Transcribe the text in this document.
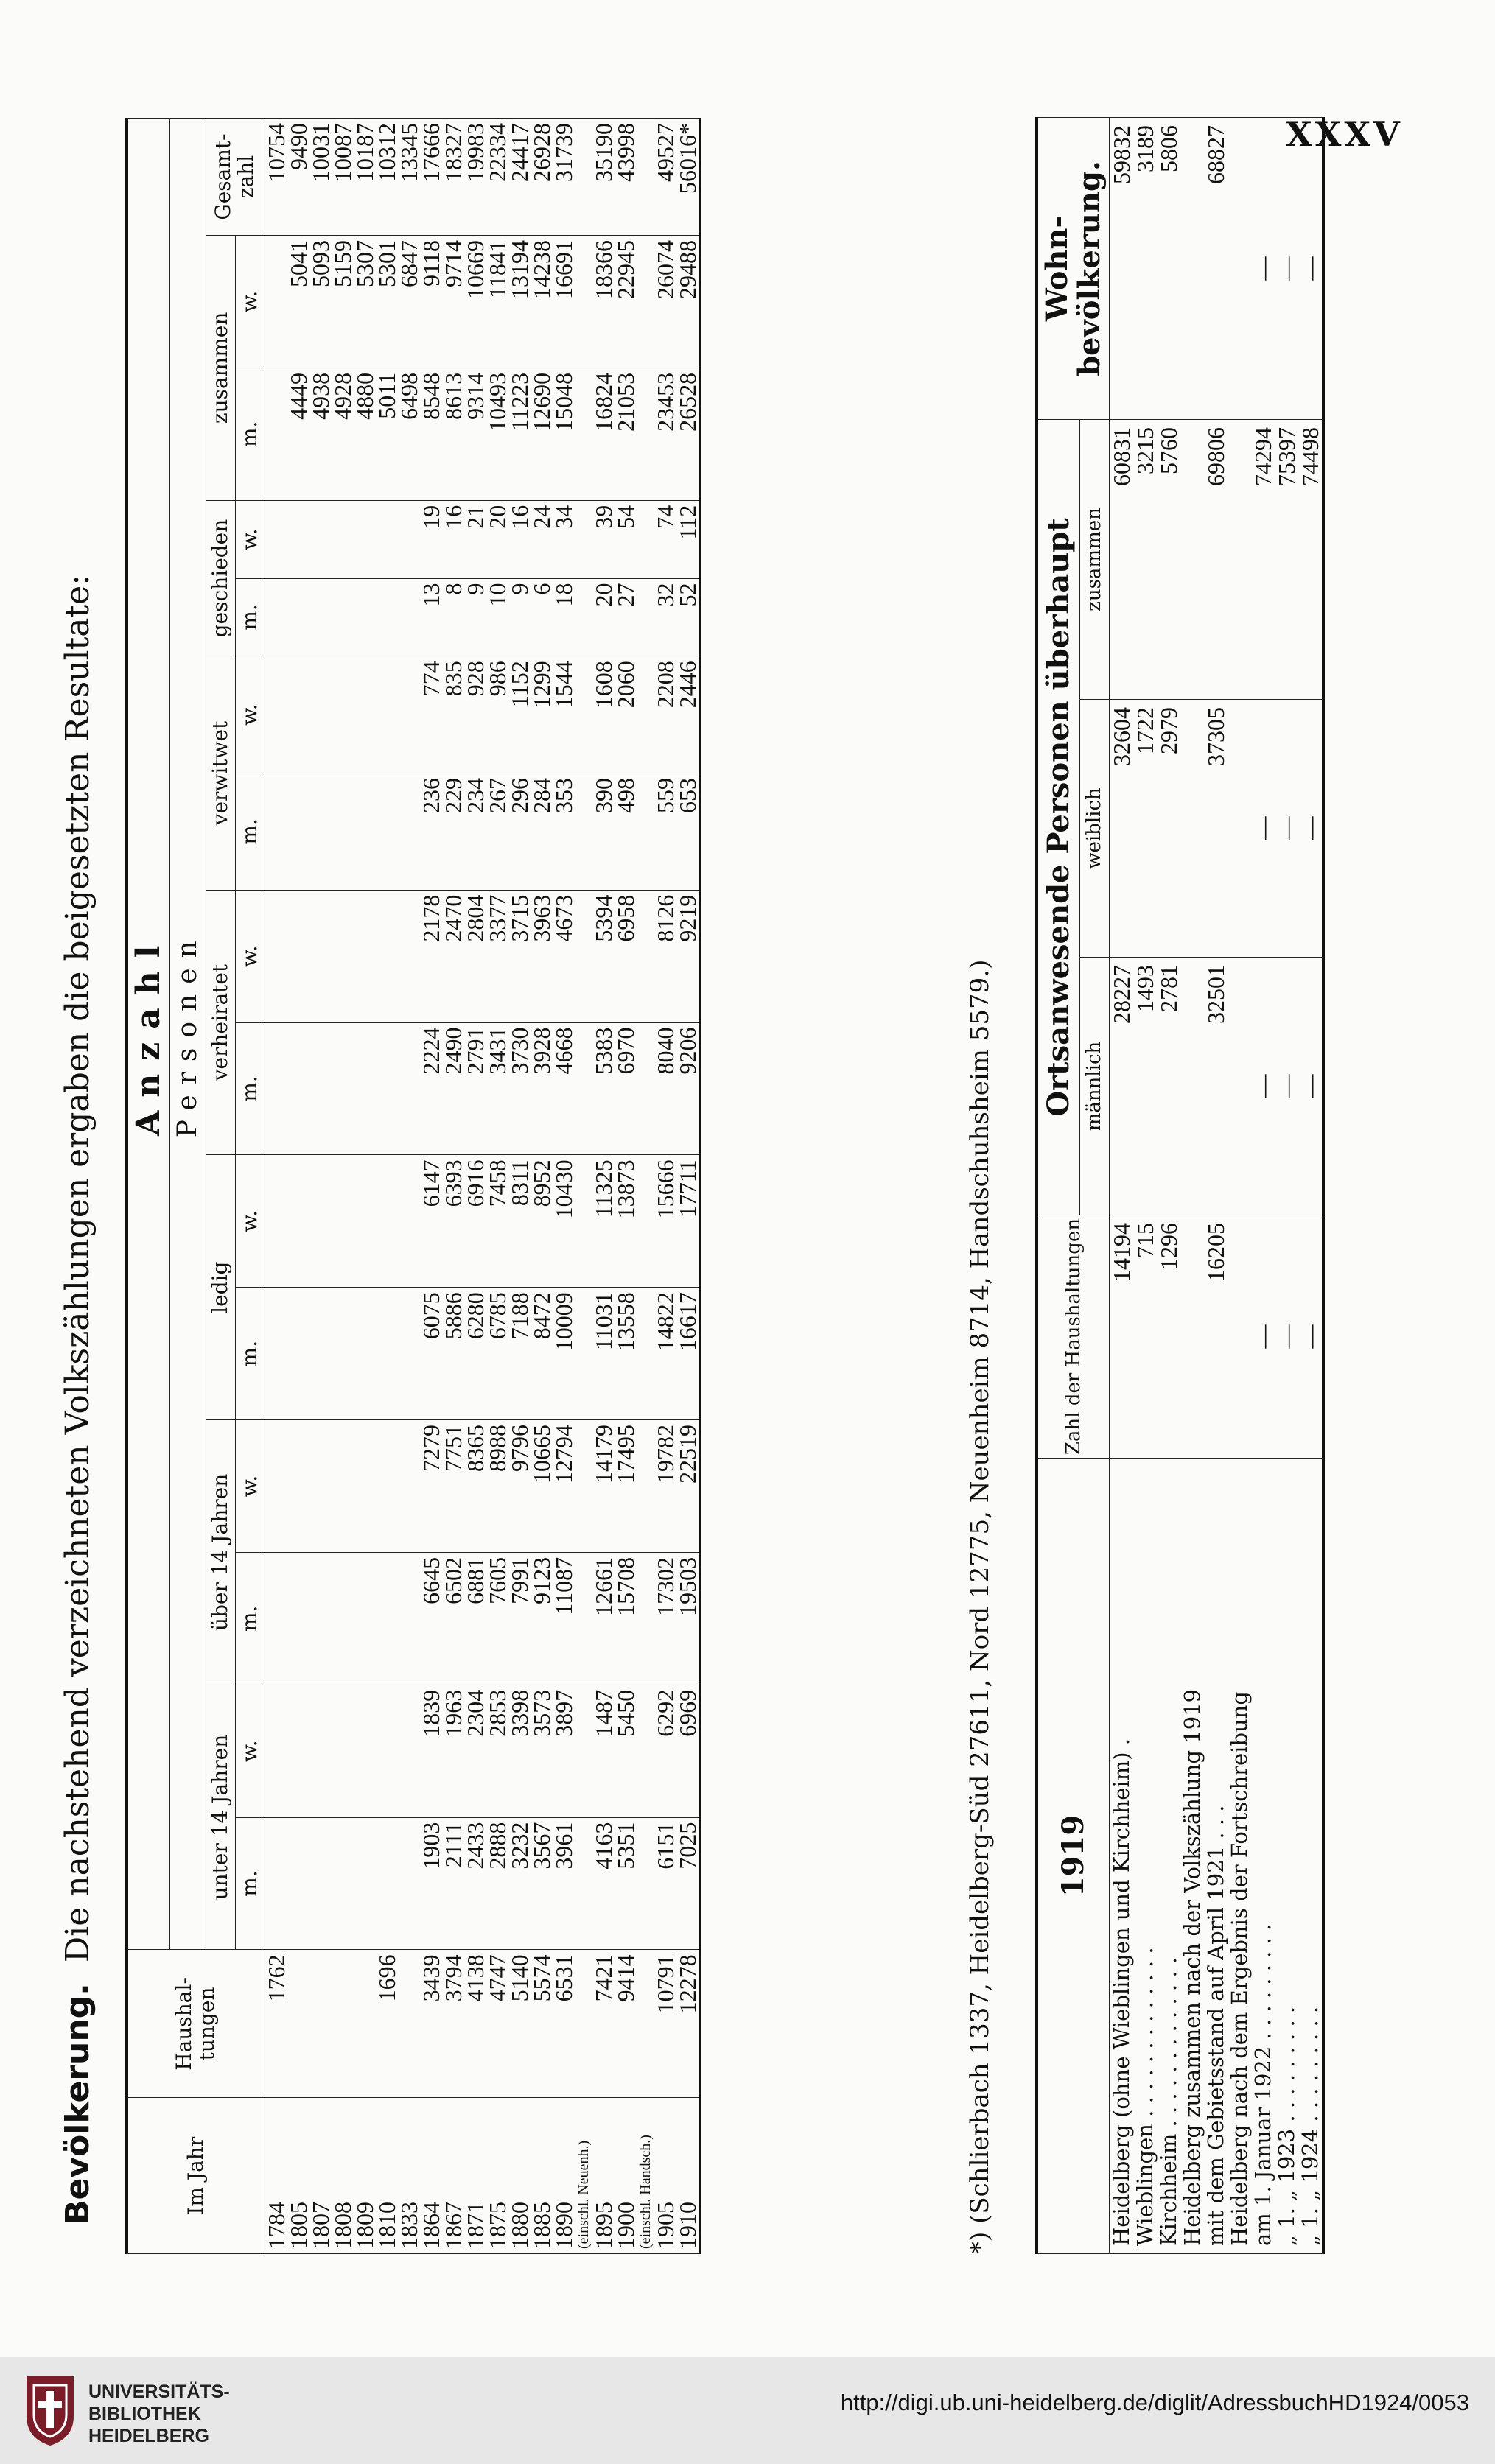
XXXV
Bevölkerung.Die nachstehend verzeichneten Volkszählungen ergaben die beigesetzten Resultate:
Im Jahr	Haushal-tungen	Anzahl														
		Personen														
		unter 14 Jahren		über 14 Jahren		ledig		verheiratet		verwitwet		geschieden		zusammen		Gesamt-zahl
		m.	w.	m.	w.	m.	w.	m.	w.	m.	w.	m.	w.	m.	w.	
1784	1762															10754
1805														4449	5041	9490
1807														4938	5093	10031
1808														4928	5159	10087
1809														4880	5307	10187
1810	1696													5011	5301	10312
1833														6498	6847	13345
1864	3439	1903	1839	6645	7279	6075	6147	2224	2178	236	774	13	19	8548	9118	17666
1867	3794	2111	1963	6502	7751	5886	6393	2490	2470	229	835	8	16	8613	9714	18327
1871	4138	2433	2304	6881	8365	6280	6916	2791	2804	234	928	9	21	9314	10669	19983
1875	4747	2888	2853	7605	8988	6785	7458	3431	3377	267	986	10	20	10493	11841	22334
1880	5140	3232	3398	7991	9796	7188	8311	3730	3715	296	1152	9	16	11223	13194	24417
1885	5574	3567	3573	9123	10665	8472	8952	3928	3963	284	1299	6	24	12690	14238	26928
1890	6531	3961	3897	11087	12794	10009	10430	4668	4673	353	1544	18	34	15048	16691	31739
(einschl. Neuenh.)																
1895	7421	4163	1487	12661	14179	11031	11325	5383	5394	390	1608	20	39	16824	18366	35190
1900	9414	5351	5450	15708	17495	13558	13873	6970	6958	498	2060	27	54	21053	22945	43998
(einschl. Handsch.)																
1905	10791	6151	6292	17302	19782	14822	15666	8040	8126	559	2208	32	74	23453	26074	49527
1910	12278	7025	6969	19503	22519	16617	17711	9206	9219	653	2446	52	112	26528	29488	56016*
*) (Schlierbach 1337, Heidelberg-Süd 27611, Nord 12775, Neuenheim 8714, Handschuhsheim 5579.) 1919	Zahl der Haushaltungen	Ortsanwesende Personen überhaupt			Wohn-bevölkerung.
		männlich	weiblich	zusammen	
Heidelberg (ohne Wieblingen und Kirchheim) .	14194	28227	32604	60831	59832
Wieblingen . . . . . . . . . . . . .	715	1493	1722	3215	3189
Kirchheim . . . . . . . . . . . . .	1296	2781	2979	5760	5806
Heidelberg zusammen nach der Volkszählung 1919					
mit dem Gebietsstand auf April 1921 . . .	16205	32501	37305	69806	68827
Heidelberg nach dem Ergebnis der Fortschreibung					
am 1. Januar 1922 . . . . . . . . .	—	—	—	74294	—
„ 1. „ 1923 . . . . . . . . .	—	—	—	75397	—
„ 1. „ 1924 . . . . . . . . .	—	—	—	74498	—
UNIVERSITÄTS-
BIBLIOTHEK
HEIDELBERG
http://digi.ub.uni-heidelberg.de/diglit/AdressbuchHD1924/0053
